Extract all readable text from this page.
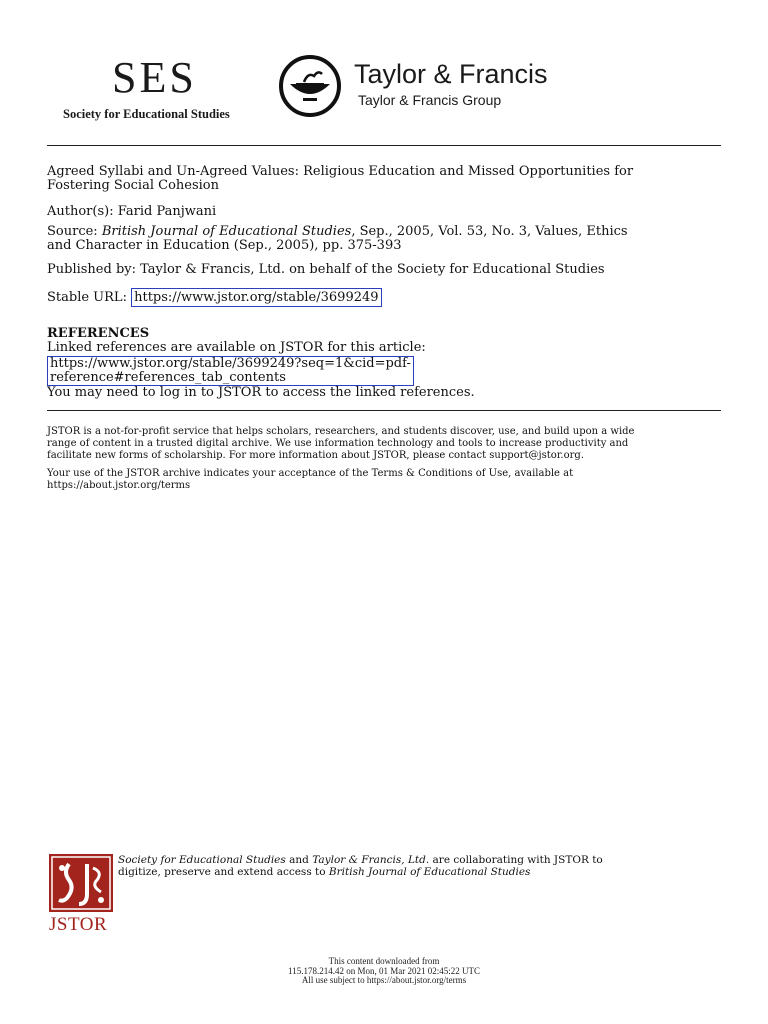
SES
Society for Educational Studies
Taylor & Francis
Taylor & Francis Group
Agreed Syllabi and Un-Agreed Values: Religious Education and Missed Opportunities for
Fostering Social Cohesion
Author(s): Farid Panjwani
Source: British Journal of Educational Studies, Sep., 2005, Vol. 53, No. 3, Values, Ethics
and Character in Education (Sep., 2005), pp. 375-393
Published by: Taylor & Francis, Ltd. on behalf of the Society for Educational Studies
Stable URL: https://www.jstor.org/stable/3699249
REFERENCES
Linked references are available on JSTOR for this article:
https://www.jstor.org/stable/3699249?seq=1&cid=pdf-
reference#references_tab_contents
You may need to log in to JSTOR to access the linked references.

JSTOR is a not-for-profit service that helps scholars, researchers, and students discover, use, and build upon a wide

range of content in a trusted digital archive. We use information technology and tools to increase productivity and

facilitate new forms of scholarship. For more information about JSTOR, please contact support@jstor.org.

Your use of the JSTOR archive indicates your acceptance of the Terms & Conditions of Use, available at

https://about.jstor.org/terms

JSTOR
Society for Educational Studies and Taylor & Francis, Ltd. are collaborating with JSTOR to
digitize, preserve and extend access to British Journal of Educational Studies
This content downloaded from
115.178.214.42 on Mon, 01 Mar 2021 02:45:22 UTC
All use subject to https://about.jstor.org/terms
